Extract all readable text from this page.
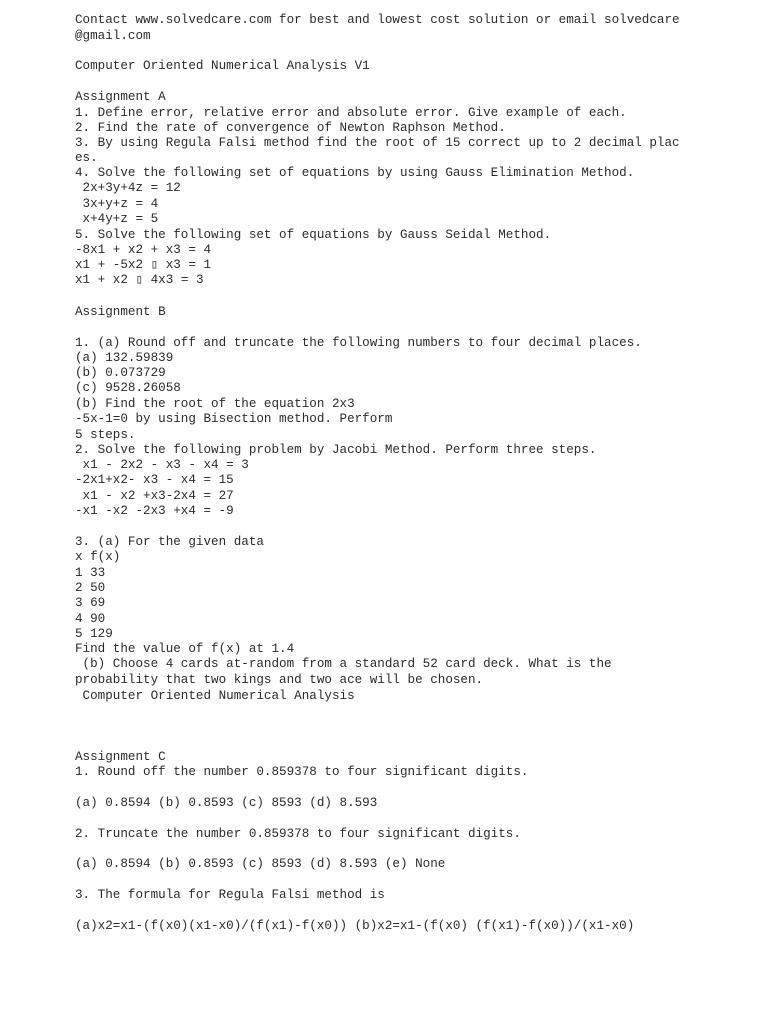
Contact www.solvedcare.com for best and lowest cost solution or email solvedcare
@gmail.com
Computer Oriented Numerical Analysis V1
Assignment A
1. Define error, relative error and absolute error. Give example of each.
2. Find the rate of convergence of Newton Raphson Method.
3. By using Regula Falsi method find the root of 15 correct up to 2 decimal plac
es.
4. Solve the following set of equations by using Gauss Elimination Method.
2x+3y+4z = 12
3x+y+z = 4
x+4y+z = 5
5. Solve the following set of equations by Gauss Seidal Method.
-8x1 + x2 + x3 = 4
x1 + -5x2 ▯ x3 = 1
x1 + x2 ▯ 4x3 = 3
Assignment B
1. (a) Round off and truncate the following numbers to four decimal places.
(a) 132.59839
(b) 0.073729
(c) 9528.26058
(b) Find the root of the equation 2x3
-5x-1=0 by using Bisection method. Perform
5 steps.
2. Solve the following problem by Jacobi Method. Perform three steps.
x1 - 2x2 - x3 - x4 = 3
-2x1+x2- x3 - x4 = 15
x1 - x2 +x3-2x4 = 27
-x1 -x2 -2x3 +x4 = -9
3. (a) For the given data
x f(x)
1 33
2 50
3 69
4 90
5 129
Find the value of f(x) at 1.4
(b) Choose 4 cards at-random from a standard 52 card deck. What is the
probability that two kings and two ace will be chosen.
Computer Oriented Numerical Analysis
Assignment C
1. Round off the number 0.859378 to four significant digits.
(a) 0.8594 (b) 0.8593 (c) 8593 (d) 8.593
2. Truncate the number 0.859378 to four significant digits.
(a) 0.8594 (b) 0.8593 (c) 8593 (d) 8.593 (e) None
3. The formula for Regula Falsi method is
(a)x2=x1-(f(x0)(x1-x0)/(f(x1)-f(x0)) (b)x2=x1-(f(x0) (f(x1)-f(x0))/(x1-x0)
